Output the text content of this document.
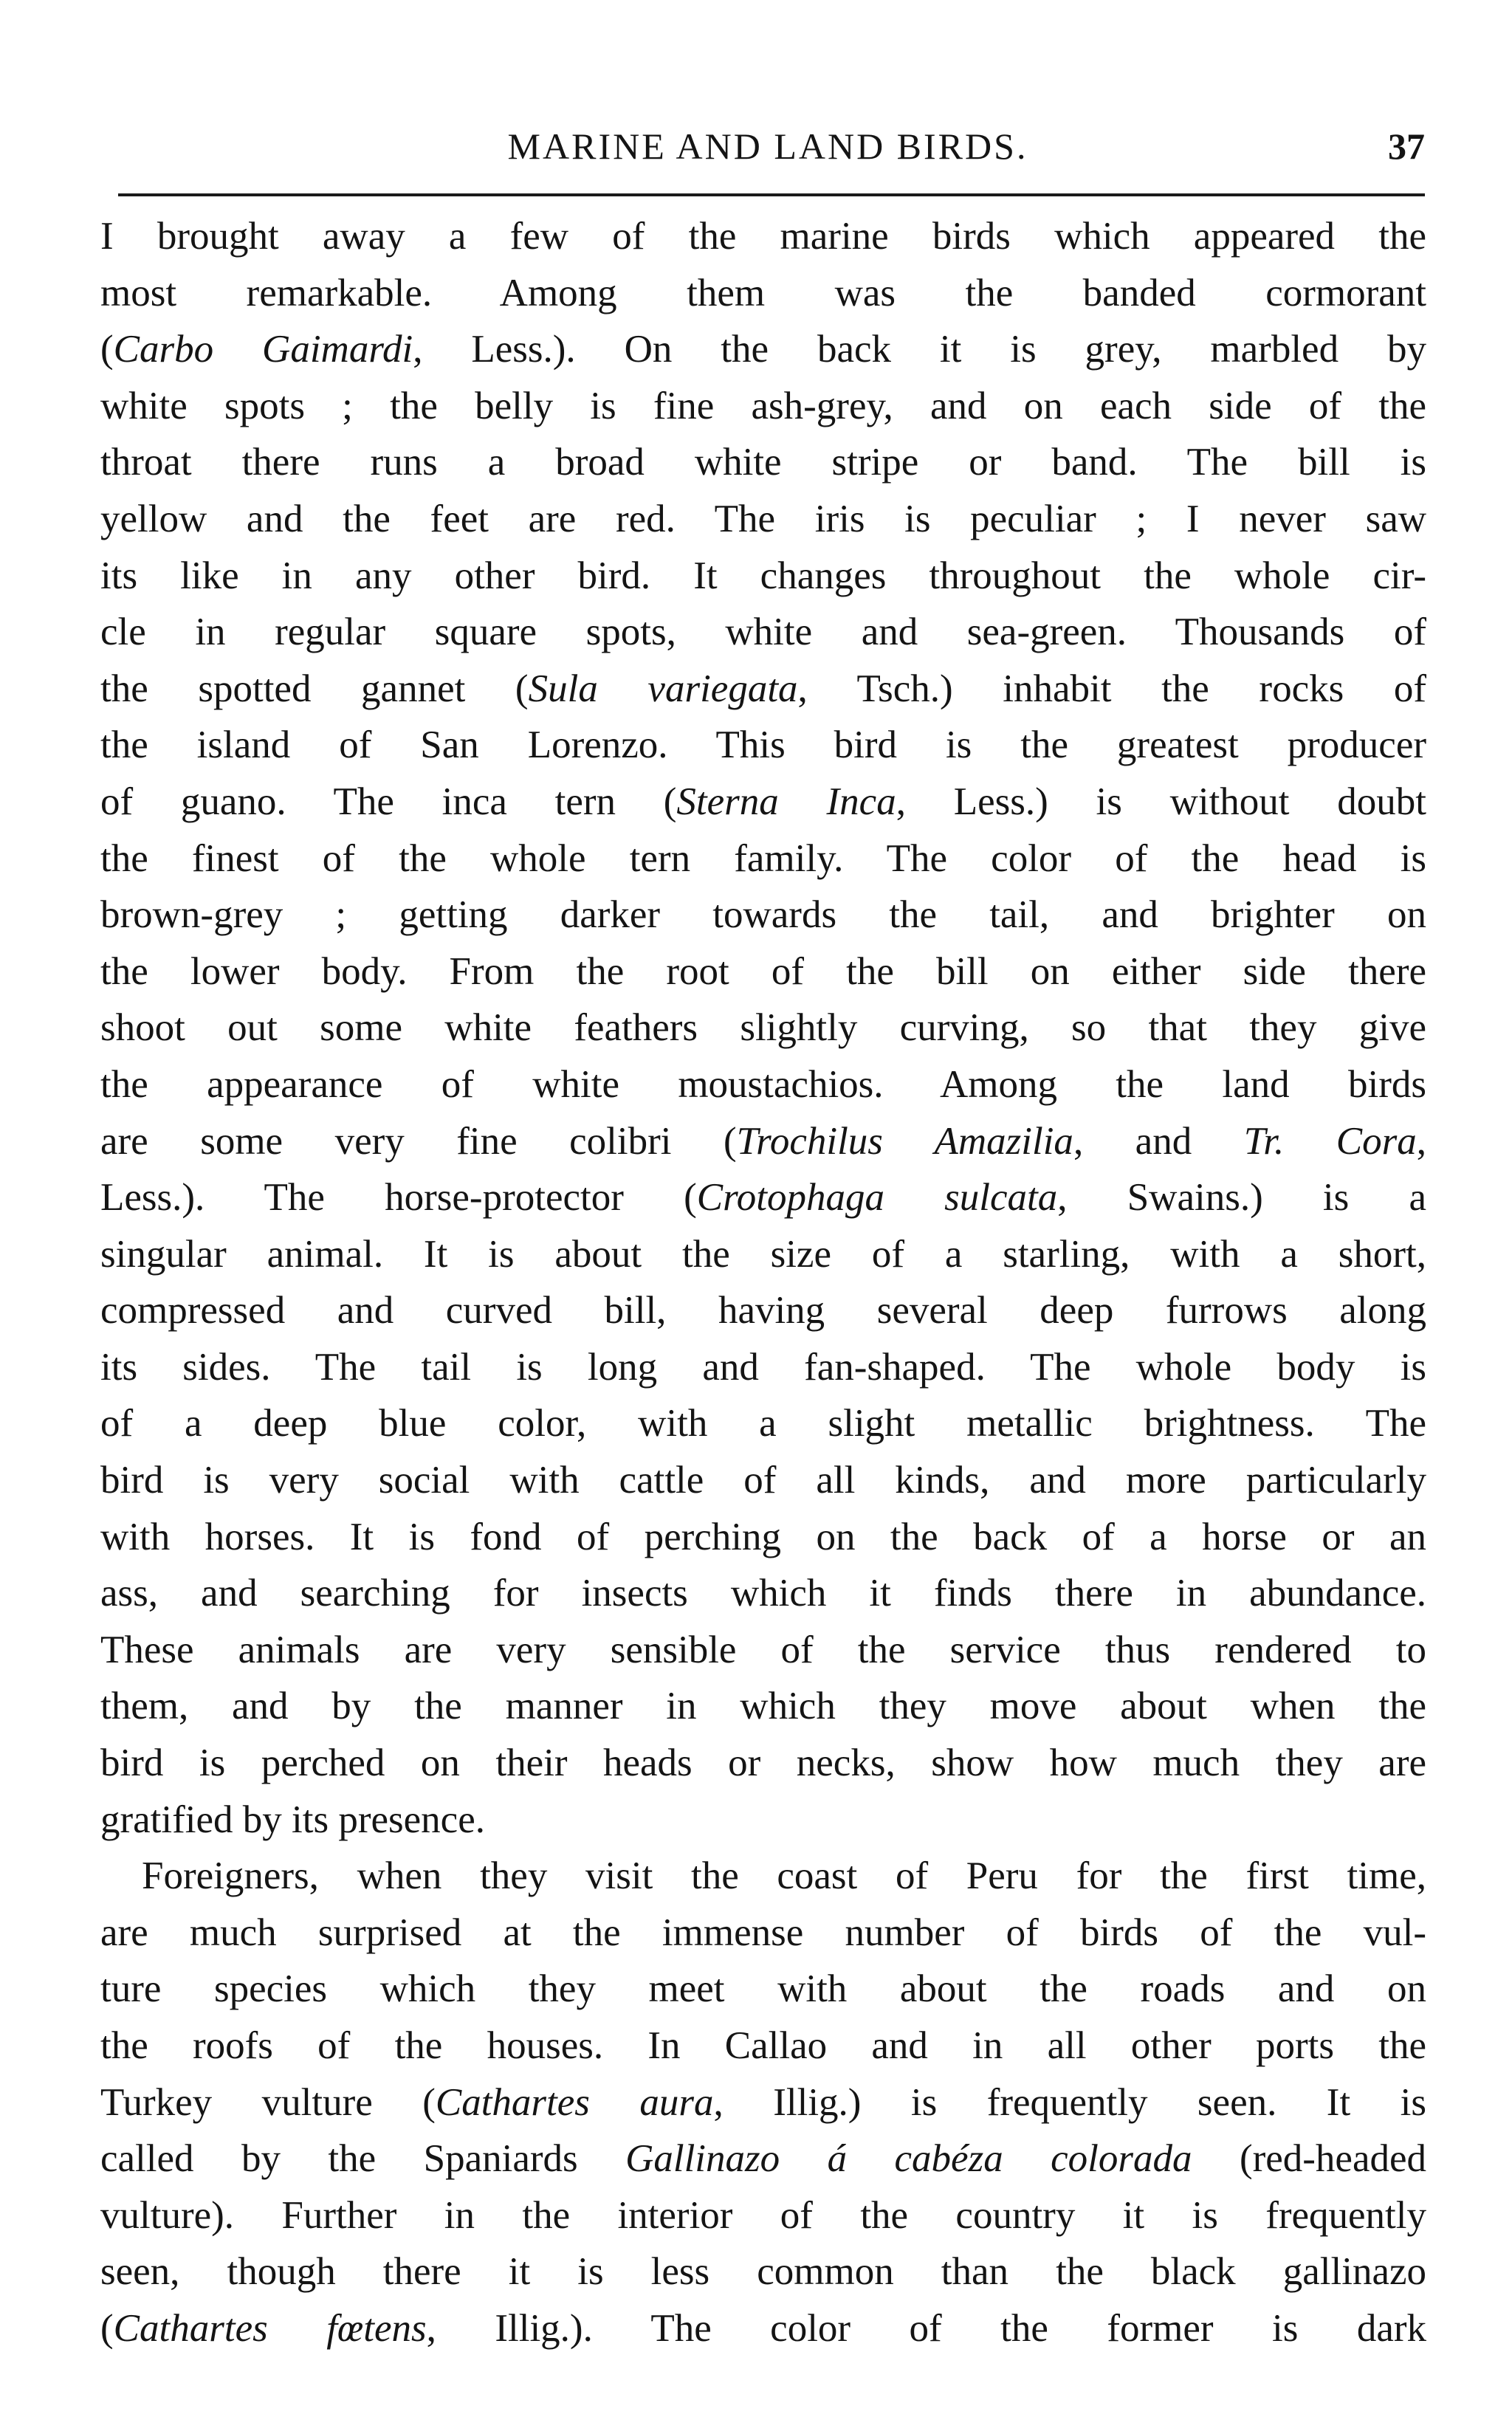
MARINE AND LAND BIRDS.	37
I brought away a few of the marine birds which appeared the
most remarkable. Among them was the banded cormorant
(Carbo Gaimardi, Less.). On the back it is grey, marbled by
white spots ; the belly is fine ash-grey, and on each side of the
throat there runs a broad white stripe or band. The bill is
yellow and the feet are red. The iris is peculiar ; I never saw
its like in any other bird. It changes throughout the whole cir-
cle in regular square spots, white and sea-green. Thousands of
the spotted gannet (Sula variegata, Tsch.) inhabit the rocks of
the island of San Lorenzo. This bird is the greatest producer
of guano. The inca tern (Sterna Inca, Less.) is without doubt
the finest of the whole tern family. The color of the head is
brown-grey ; getting darker towards the tail, and brighter on
the lower body. From the root of the bill on either side there
shoot out some white feathers slightly curving, so that they give
the appearance of white moustachios. Among the land birds
are some very fine colibri (Trochilus Amazilia, and Tr. Cora,
Less.). The horse-protector (Crotophaga sulcata, Swains.) is a
singular animal. It is about the size of a starling, with a short,
compressed and curved bill, having several deep furrows along
its sides. The tail is long and fan-shaped. The whole body is
of a deep blue color, with a slight metallic brightness. The
bird is very social with cattle of all kinds, and more particularly
with horses. It is fond of perching on the back of a horse or an
ass, and searching for insects which it finds there in abundance.
These animals are very sensible of the service thus rendered to
them, and by the manner in which they move about when the
bird is perched on their heads or necks, show how much they are
gratified by its presence.
Foreigners, when they visit the coast of Peru for the first time,
are much surprised at the immense number of birds of the vul-
ture species which they meet with about the roads and on
the roofs of the houses. In Callao and in all other ports the
Turkey vulture (Cathartes aura, Illig.) is frequently seen. It is
called by the Spaniards Gallinazo á cabéza colorada (red-headed
vulture). Further in the interior of the country it is frequently
seen, though there it is less common than the black gallinazo
(Cathartes fœtens, Illig.). The color of the former is dark
